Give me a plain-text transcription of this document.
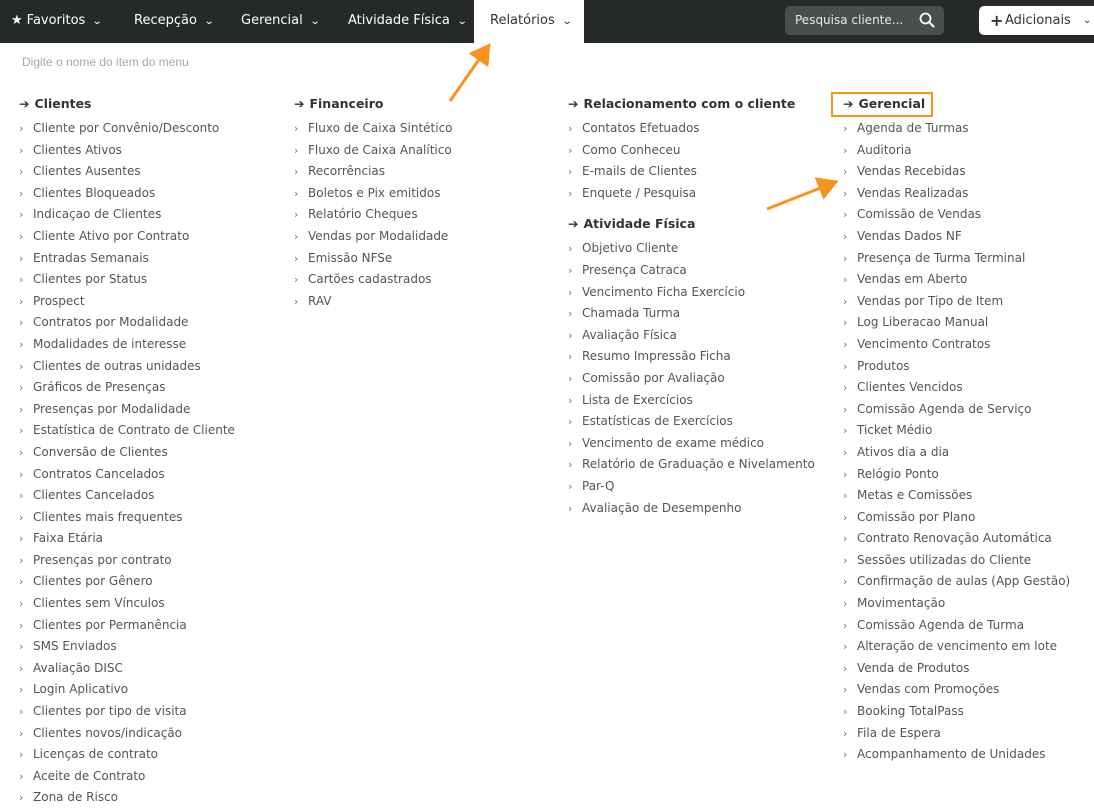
★ Favoritos ⌄ Recepção ⌄ Gerencial ⌄ Atividade Física ⌄	Relatórios ⌄	Pesquisa cliente...	+ Adicionais ⌄
Digite o nome do item do menu
➔ Clientes
› Cliente por Convênio/Desconto
› Clientes Ativos
› Clientes Ausentes
› Clientes Bloqueados
› Indicaçao de Clientes
› Cliente Ativo por Contrato
› Entradas Semanais
› Clientes por Status
› Prospect
› Contratos por Modalidade
› Modalidades de interesse
› Clientes de outras unidades
› Gráficos de Presenças
› Presenças por Modalidade
› Estatística de Contrato de Cliente
› Conversão de Clientes
› Contratos Cancelados
› Clientes Cancelados
› Clientes mais frequentes
› Faixa Etária
› Presenças por contrato
› Clientes por Gênero
› Clientes sem Vínculos
› Clientes por Permanência
› SMS Enviados
› Avaliação DISC
› Login Aplicativo
› Clientes por tipo de visita
› Clientes novos/indicação
› Licenças de contrato
› Aceite de Contrato
› Zona de Risco
➔ Financeiro
› Fluxo de Caixa Sintético
› Fluxo de Caixa Analítico
› Recorrências
› Boletos e Pix emitidos
› Relatório Cheques
› Vendas por Modalidade
› Emissão NFSe
› Cartões cadastrados
› RAV
➔ Relacionamento com o cliente
› Contatos Efetuados
› Como Conheceu
› E-mails de Clientes
› Enquete / Pesquisa
➔ Atividade Física
› Objetivo Cliente
› Presença Catraca
› Vencimento Ficha Exercício
› Chamada Turma
› Avaliação Física
› Resumo Impressão Ficha
› Comissão por Avaliação
› Lista de Exercícios
› Estatísticas de Exercícios
› Vencimento de exame médico
› Relatório de Graduação e Nivelamento
› Par-Q
› Avaliação de Desempenho
➔ Gerencial
› Agenda de Turmas
› Auditoria
› Vendas Recebidas
› Vendas Realizadas
› Comissão de Vendas
› Vendas Dados NF
› Presença de Turma Terminal
› Vendas em Aberto
› Vendas por Tipo de Item
› Log Liberacao Manual
› Vencimento Contratos
› Produtos
› Clientes Vencidos
› Comissão Agenda de Serviço
› Ticket Médio
› Ativos dia a dia
› Relógio Ponto
› Metas e Comissões
› Comissão por Plano
› Contrato Renovação Automática
› Sessões utilizadas do Cliente
› Confirmação de aulas (App Gestão)
› Movimentação
› Comissão Agenda de Turma
› Alteração de vencimento em lote
› Venda de Produtos
› Vendas com Promoções
› Booking TotalPass
› Fila de Espera
› Acompanhamento de Unidades
